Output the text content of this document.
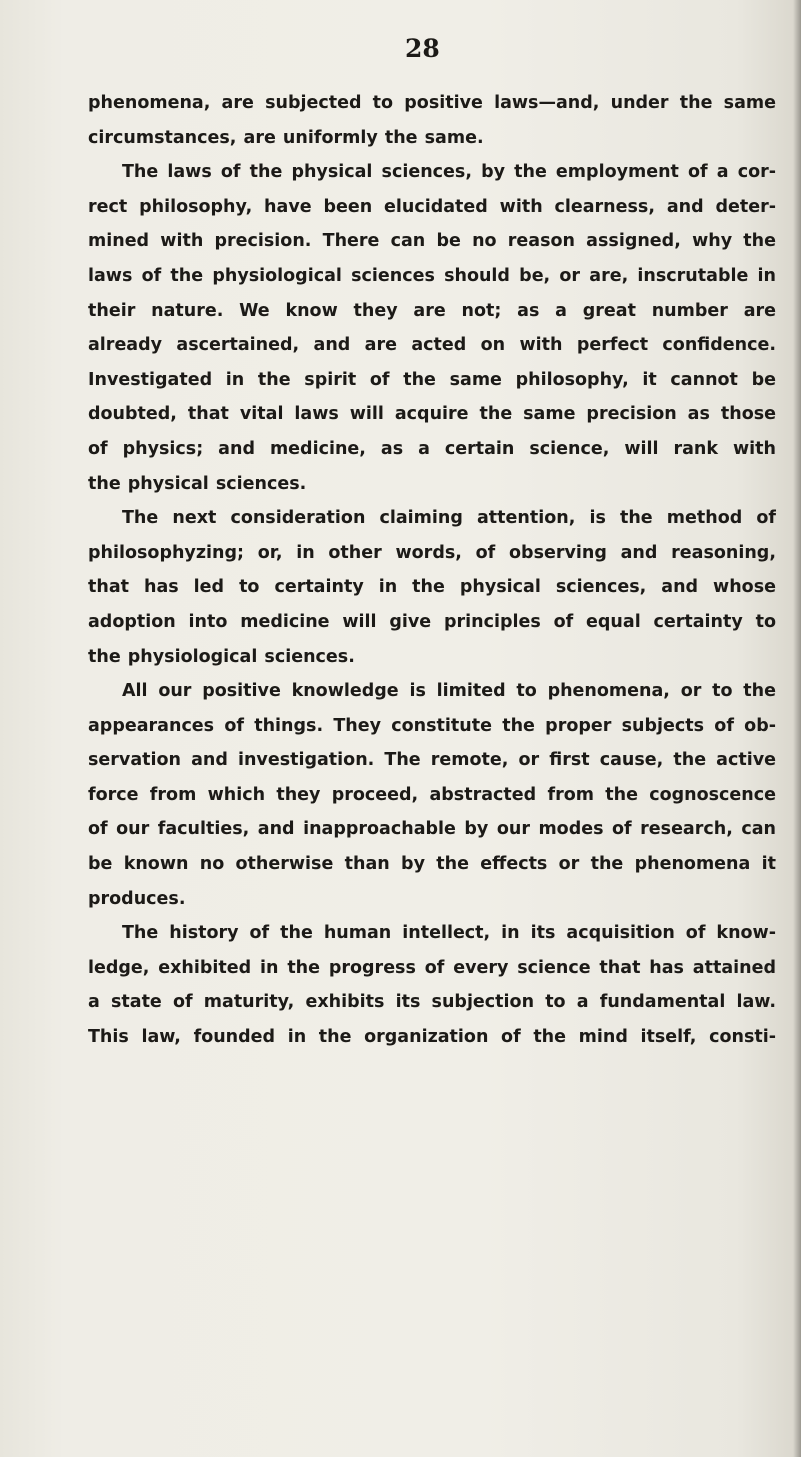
28
phenomena, are subjected to positive laws—and, under the same
circumstances, are uniformly the same.
The laws of the physical sciences, by the employment of a cor-
rect philosophy, have been elucidated with clearness, and deter-
mined with precision. There can be no reason assigned, why the
laws of the physiological sciences should be, or are, inscrutable in
their nature. We know they are not; as a great number are
already ascertained, and are acted on with perfect confidence.
Investigated in the spirit of the same philosophy, it cannot be
doubted, that vital laws will acquire the same precision as those
of physics; and medicine, as a certain science, will rank with
the physical sciences.
The next consideration claiming attention, is the method of
philosophyzing; or, in other words, of observing and reasoning,
that has led to certainty in the physical sciences, and whose
adoption into medicine will give principles of equal certainty to
the physiological sciences.
All our positive knowledge is limited to phenomena, or to the
appearances of things. They constitute the proper subjects of ob-
servation and investigation. The remote, or first cause, the active
force from which they proceed, abstracted from the cognoscence
of our faculties, and inapproachable by our modes of research, can
be known no otherwise than by the effects or the phenomena it
produces.
The history of the human intellect, in its acquisition of know-
ledge, exhibited in the progress of every science that has attained
a state of maturity, exhibits its subjection to a fundamental law.
This law, founded in the organization of the mind itself, consti-
